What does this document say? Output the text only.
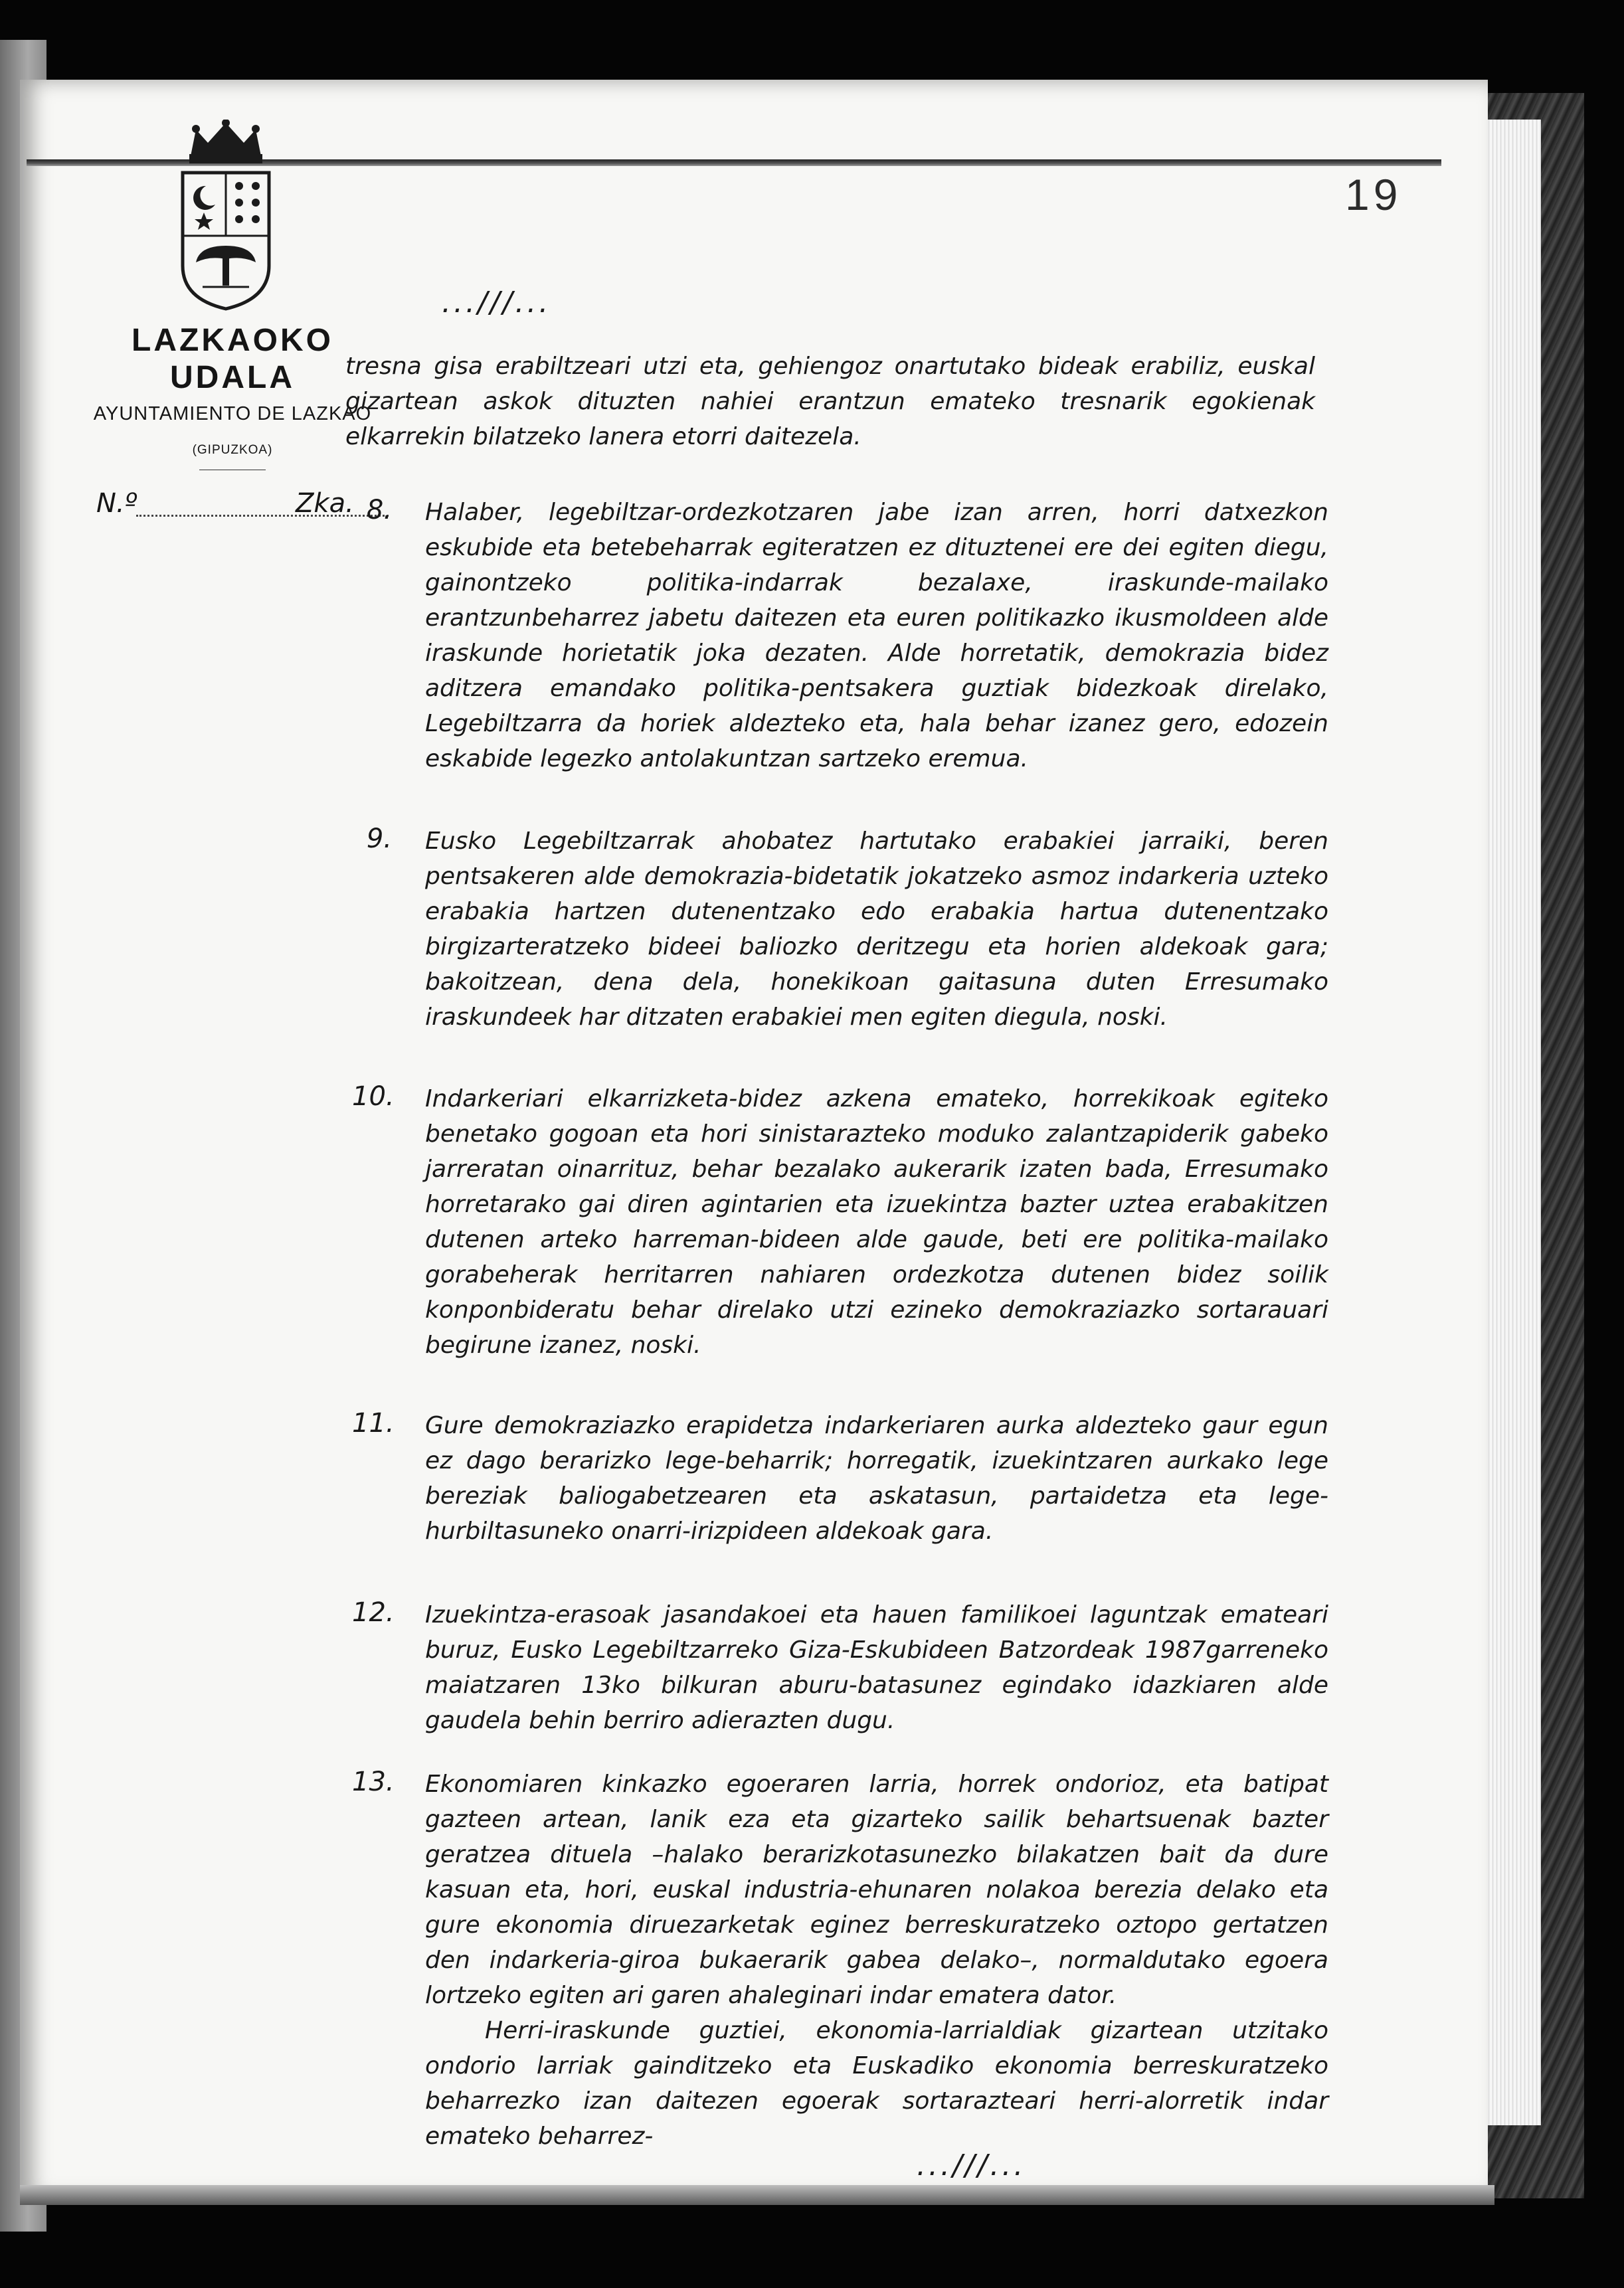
LAZKAOKO UDALA
AYUNTAMIENTO DE LAZKAO
(GIPUZKOA)
N.º	Zka.
19
...///...
tresna gisa erabiltzeari utzi eta, gehiengoz onartutako bideak erabiliz, euskal gizartean askok dituzten nahiei erantzun emateko tresnarik egokienak elkarrekin bilatzeko lanera etorri daitezela.
8. Halaber, legebiltzar-ordezkotzaren jabe izan arren, horri datxezkon eskubide eta betebeharrak egiteratzen ez dituztenei ere dei egiten diegu, gainontzeko politika-indarrak bezalaxe, iraskunde-mailako erantzunbeharrez jabetu daitezen eta euren politikazko ikusmoldeen alde iraskunde horietatik joka dezaten. Alde horretatik, demokrazia bidez aditzera emandako politika-pentsakera guztiak bidezkoak direlako, Legebiltzarra da horiek aldezteko eta, hala behar izanez gero, edozein eskabide legezko antolakuntzan sartzeko eremua.
9. Eusko Legebiltzarrak ahobatez hartutako erabakiei jarraiki, beren pentsakeren alde demokrazia-bidetatik jokatzeko asmoz indarkeria uzteko erabakia hartzen dutenentzako edo erabakia hartua dutenentzako birgizarteratzeko bideei baliozko deritzegu eta horien aldekoak gara; bakoitzean, dena dela, honekikoan gaitasuna duten Erresumako iraskundeek har ditzaten erabakiei men egiten diegula, noski.
10. Indarkeriari elkarrizketa-bidez azkena emateko, horrekikoak egiteko benetako gogoan eta hori sinistarazteko moduko zalantzapiderik gabeko jarreratan oinarrituz, behar bezalako aukerarik izaten bada, Erresumako horretarako gai diren agintarien eta izuekintza bazter uztea erabakitzen dutenen arteko harreman-bideen alde gaude, beti ere politika-mailako gorabeherak herritarren nahiaren ordezkotza dutenen bidez soilik konponbideratu behar direlako utzi ezineko demokraziazko sortarauari begirune izanez, noski.
11. Gure demokraziazko erapidetza indarkeriaren aurka aldezteko gaur egun ez dago berarizko lege-beharrik; horregatik, izuekintzaren aurkako lege bereziak baliogabetzearen eta askatasun, partaidetza eta lege-hurbiltasuneko onarri-irizpideen aldekoak gara.
12. Izuekintza-erasoak jasandakoei eta hauen familikoei laguntzak emateari buruz, Eusko Legebiltzarreko Giza-Eskubideen Batzordeak 1987garreneko maiatzaren 13ko bilkuran aburu-batasunez egindako idazkiaren alde gaudela behin berriro adierazten dugu.
13. Ekonomiaren kinkazko egoeraren larria, horrek ondorioz, eta batipat gazteen artean, lanik eza eta gizarteko sailik behartsuenak bazter geratzea dituela –halako berarizkotasunezko bilakatzen bait da dure kasuan eta, hori, euskal industria-ehunaren nolakoa berezia delako eta gure ekonomia diruezarketak eginez berreskuratzeko oztopo gertatzen den indarkeria-giroa bukaerarik gabea delako–, normaldutako egoera lortzeko egiten ari garen ahaleginari indar ematera dator.
Herri-iraskunde guztiei, ekonomia-larrialdiak gizartean utzitako ondorio larriak gainditzeko eta Euskadiko ekonomia berreskuratzeko beharrezko izan daitezen egoerak sortarazteari herri-alorretik indar emateko beharrez-
...///...
